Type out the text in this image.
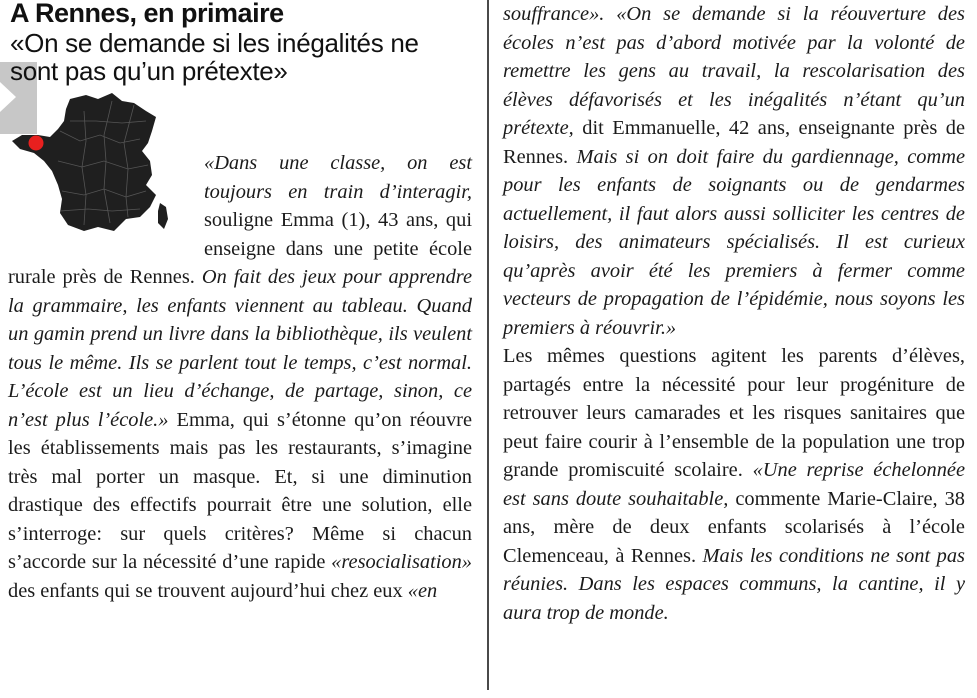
A Rennes, en primaire
«On se demande si les inégalités ne sont pas qu’un prétexte»

«Dans une classe, on est toujours en train d’interagir, souligne Emma (1), 43 ans, qui enseigne dans une petite école rurale près de Rennes. On fait des jeux pour apprendre la grammaire, les enfants viennent au tableau. Quand un gamin prend un livre dans la bibliothèque, ils veulent tous le même. Ils se parlent tout le temps, c’est normal. L’école est un lieu d’échange, de partage, sinon, ce n’est plus l’école.» Emma, qui s’étonne qu’on réouvre les établissements mais pas les restaurants, s’imagine très mal porter un masque. Et, si une diminution drastique des effectifs pourrait être une solution, elle s’interroge: sur quels critères? Même si chacun s’accorde sur la nécessité d’une rapide «resocialisation» des enfants qui se trouvent aujourd’hui chez eux «en

souffrance». «On se demande si la réouverture des écoles n’est pas d’abord motivée par la volonté de remettre les gens au travail, la rescolarisation des élèves défavorisés et les inégalités n’étant qu’un prétexte, dit Emmanuelle, 42 ans, enseignante près de Rennes. Mais si on doit faire du gardiennage, comme pour les enfants de soignants ou de gendarmes actuellement, il faut alors aussi solliciter les centres de loisirs, des animateurs spécialisés. Il est curieux qu’après avoir été les premiers à fermer comme vecteurs de propagation de l’épidémie, nous soyons les premiers à réouvrir.»

Les mêmes questions agitent les parents d’élèves, partagés entre la nécessité pour leur progéniture de retrouver leurs camarades et les risques sanitaires que peut faire courir à l’ensemble de la population une trop grande promiscuité scolaire. «Une reprise échelonnée est sans doute souhaitable, commente Marie-Claire, 38 ans, mère de deux enfants scolarisés à l’école Clemenceau, à Rennes. Mais les conditions ne sont pas réunies. Dans les espaces communs, la cantine, il y aura trop de monde.
